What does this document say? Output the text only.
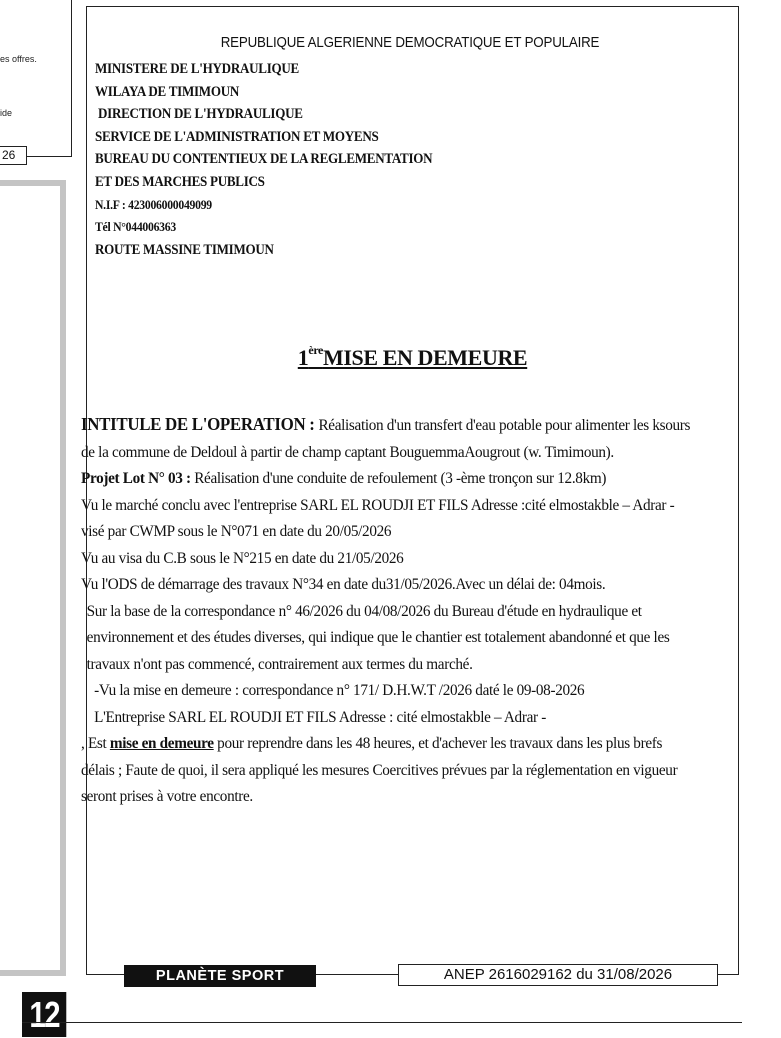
es offres.
ide
26
REPUBLIQUE ALGERIENNE DEMOCRATIQUE ET POPULAIRE
MINISTERE DE L'HYDRAULIQUE
WILAYA DE TIMIMOUN
DIRECTION DE L'HYDRAULIQUE
SERVICE DE L'ADMINISTRATION ET MOYENS
BUREAU DU CONTENTIEUX DE LA REGLEMENTATION
ET DES MARCHES PUBLICS
N.I.F : 423006000049099
Tél N°044006363
ROUTE MASSINE TIMIMOUN
1èreMISE EN DEMEURE

INTITULE DE L'OPERATION : Réalisation d'un transfert d'eau potable pour alimenter les ksours de la commune de Deldoul à partir de champ captant BouguemmaAougrout (w. Timimoun).

Projet Lot N° 03 : Réalisation d'une conduite de refoulement (3 -ème tronçon sur 12.8km)

Vu le marché conclu avec l'entreprise SARL EL ROUDJI ET FILS Adresse :cité elmostakble – Adrar - visé par CWMP sous le N°071 en date du 20/05/2026

Vu au visa du C.B sous le N°215 en date du 21/05/2026

Vu l'ODS de démarrage des travaux N°34 en date du31/05/2026.Avec un délai de: 04mois.

Sur la base de la correspondance n° 46/2026 du 04/08/2026 du Bureau d'étude en hydraulique et environnement et des études diverses, qui indique que le chantier est totalement abandonné et que les travaux n'ont pas commencé, contrairement aux termes du marché.

-Vu la mise en demeure : correspondance n° 171/ D.H.W.T /2026 daté le 09-08-2026

L'Entreprise SARL EL ROUDJI ET FILS Adresse : cité elmostakble – Adrar -

, Est mise en demeure pour reprendre dans les 48 heures, et d'achever les travaux dans les plus brefs délais ; Faute de quoi, il sera appliqué les mesures Coercitives prévues par la réglementation en vigueur seront prises à votre encontre.

PLANÈTE SPORT	ANEP 2616029162 du 31/08/2026
12
